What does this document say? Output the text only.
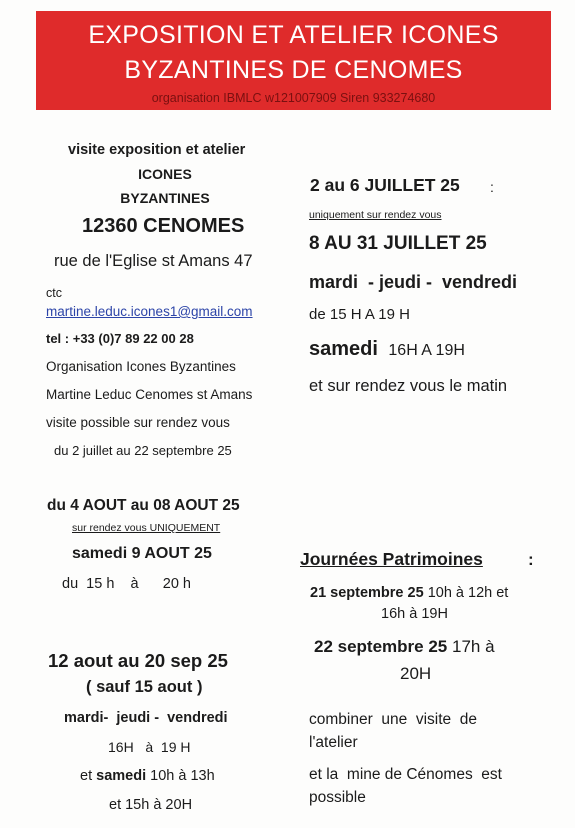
EXPOSITION ET ATELIER ICONES
BYZANTINES DE CENOMES
organisation IBMLC w121007909 Siren 933274680
visite exposition et atelier
ICONES
BYZANTINES
12360 CENOMES
rue de l'Eglise st Amans 47
ctc
martine.leduc.icones1@gmail.com
tel : +33 (0)7 89 22 00 28
Organisation Icones Byzantines
Martine Leduc Cenomes st Amans
visite possible sur rendez vous
du 2 juillet au 22 septembre 25
du 4 AOUT au 08 AOUT 25
sur rendez vous UNIQUEMENT
samedi 9 AOUT 25
du  15 h    à      20 h
12 aout au 20 sep 25
( sauf 15 aout )
mardi-  jeudi -  vendredi
16H   à  19 H
et samedi 10h à 13h
et 15h à 20H
2 au 6 JUILLET 25 :
uniquement sur rendez vous
8 AU 31 JUILLET 25
mardi  - jeudi -  vendredi
de 15 H A 19 H
samedi 16H A 19H
et sur rendez vous le matin
Journées Patrimoines	:
21 septembre 25 10h à 12h et
16h à 19H
22 septembre 25 17h à
20H
combiner  une  visite  de
l'atelier
et la  mine de Cénomes  est
possible
